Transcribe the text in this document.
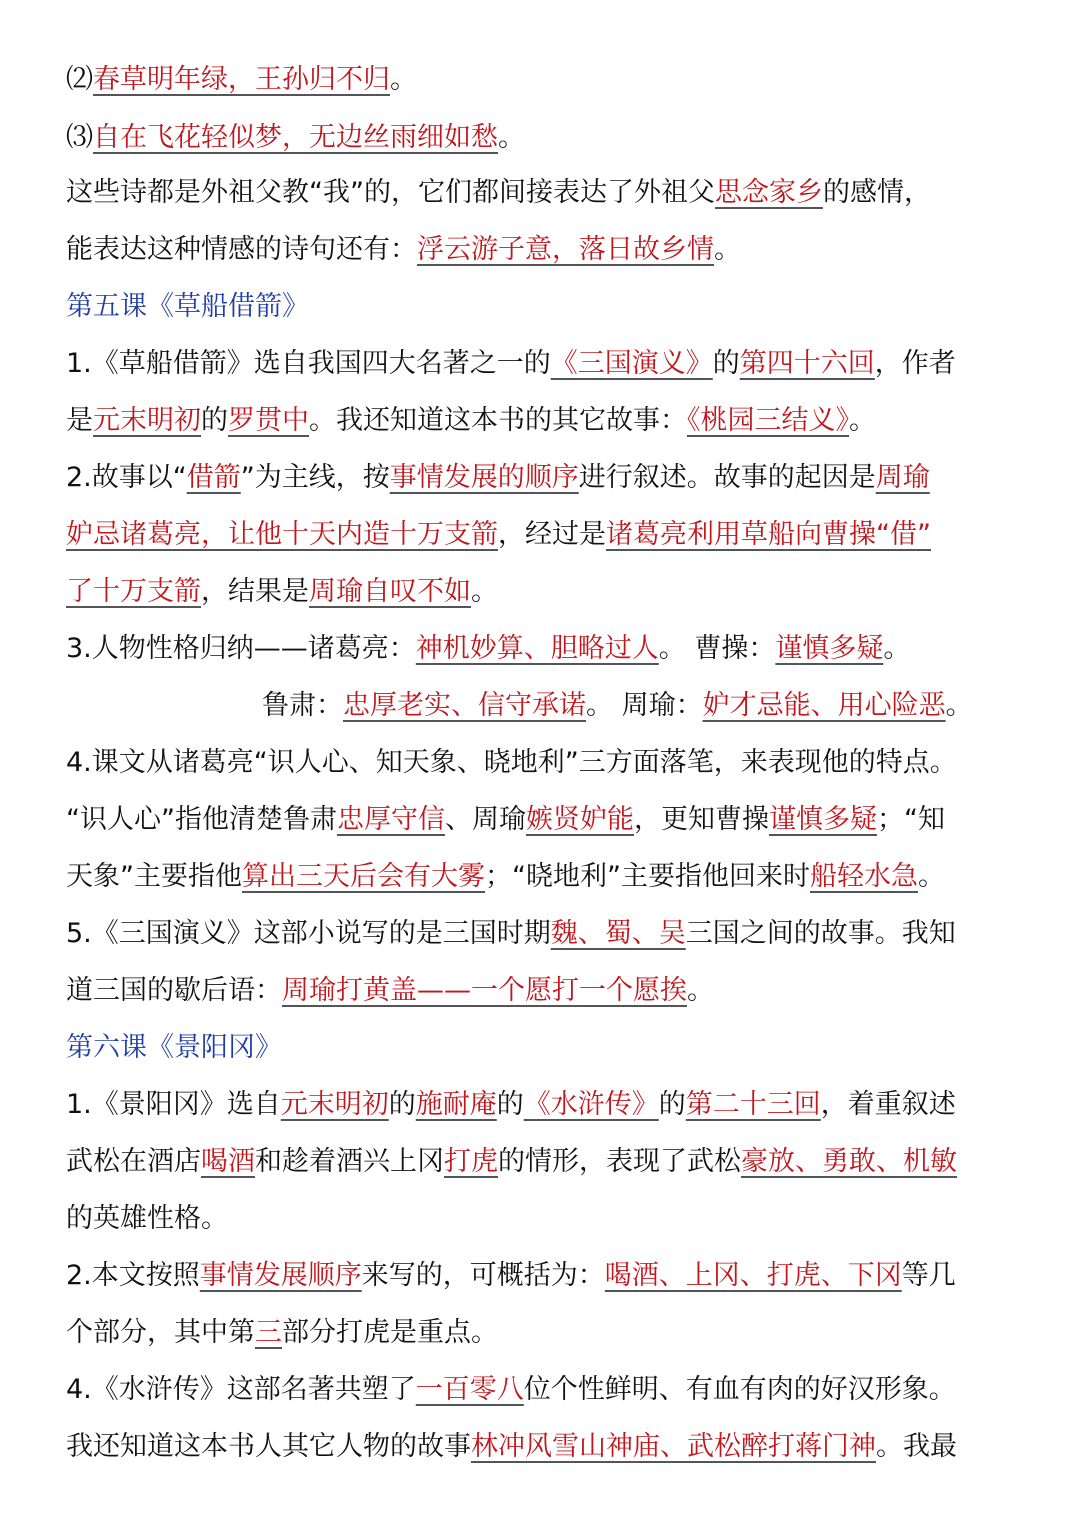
⑵春草明年绿，王孙归不归。
⑶自在飞花轻似梦，无边丝雨细如愁。
这些诗都是外祖父教“我”的，它们都间接表达了外祖父思念家乡的感情，
能表达这种情感的诗句还有：浮云游子意，落日故乡情。
第五课《草船借箭》
1.《草船借箭》选自我国四大名著之一的《三国演义》的第四十六回，作者
是元末明初的罗贯中。我还知道这本书的其它故事：《桃园三结义》。
2.故事以“借箭”为主线，按事情发展的顺序进行叙述。故事的起因是周瑜
妒忌诸葛亮，让他十天内造十万支箭，经过是诸葛亮利用草船向曹操“借”
了十万支箭，结果是周瑜自叹不如。
3.人物性格归纳——诸葛亮：神机妙算、胆略过人。 曹操：谨慎多疑。
鲁肃：忠厚老实、信守承诺。 周瑜：妒才忌能、用心险恶。
4.课文从诸葛亮“识人心、知天象、晓地利”三方面落笔，来表现他的特点。
“识人心”指他清楚鲁肃忠厚守信、周瑜嫉贤妒能，更知曹操谨慎多疑；“知
天象”主要指他算出三天后会有大雾；“晓地利”主要指他回来时船轻水急。
5.《三国演义》这部小说写的是三国时期魏、蜀、吴三国之间的故事。我知
道三国的歇后语：周瑜打黄盖——一个愿打一个愿挨。
第六课《景阳冈》
1.《景阳冈》选自元末明初的施耐庵的《水浒传》的第二十三回，着重叙述
武松在酒店喝酒和趁着酒兴上冈打虎的情形，表现了武松豪放、勇敢、机敏
的英雄性格。
2.本文按照事情发展顺序来写的，可概括为：喝酒、上冈、打虎、下冈等几
个部分，其中第三部分打虎是重点。
4.《水浒传》这部名著共塑了一百零八位个性鲜明、有血有肉的好汉形象。
我还知道这本书人其它人物的故事林冲风雪山神庙、武松醉打蒋门神。我最
